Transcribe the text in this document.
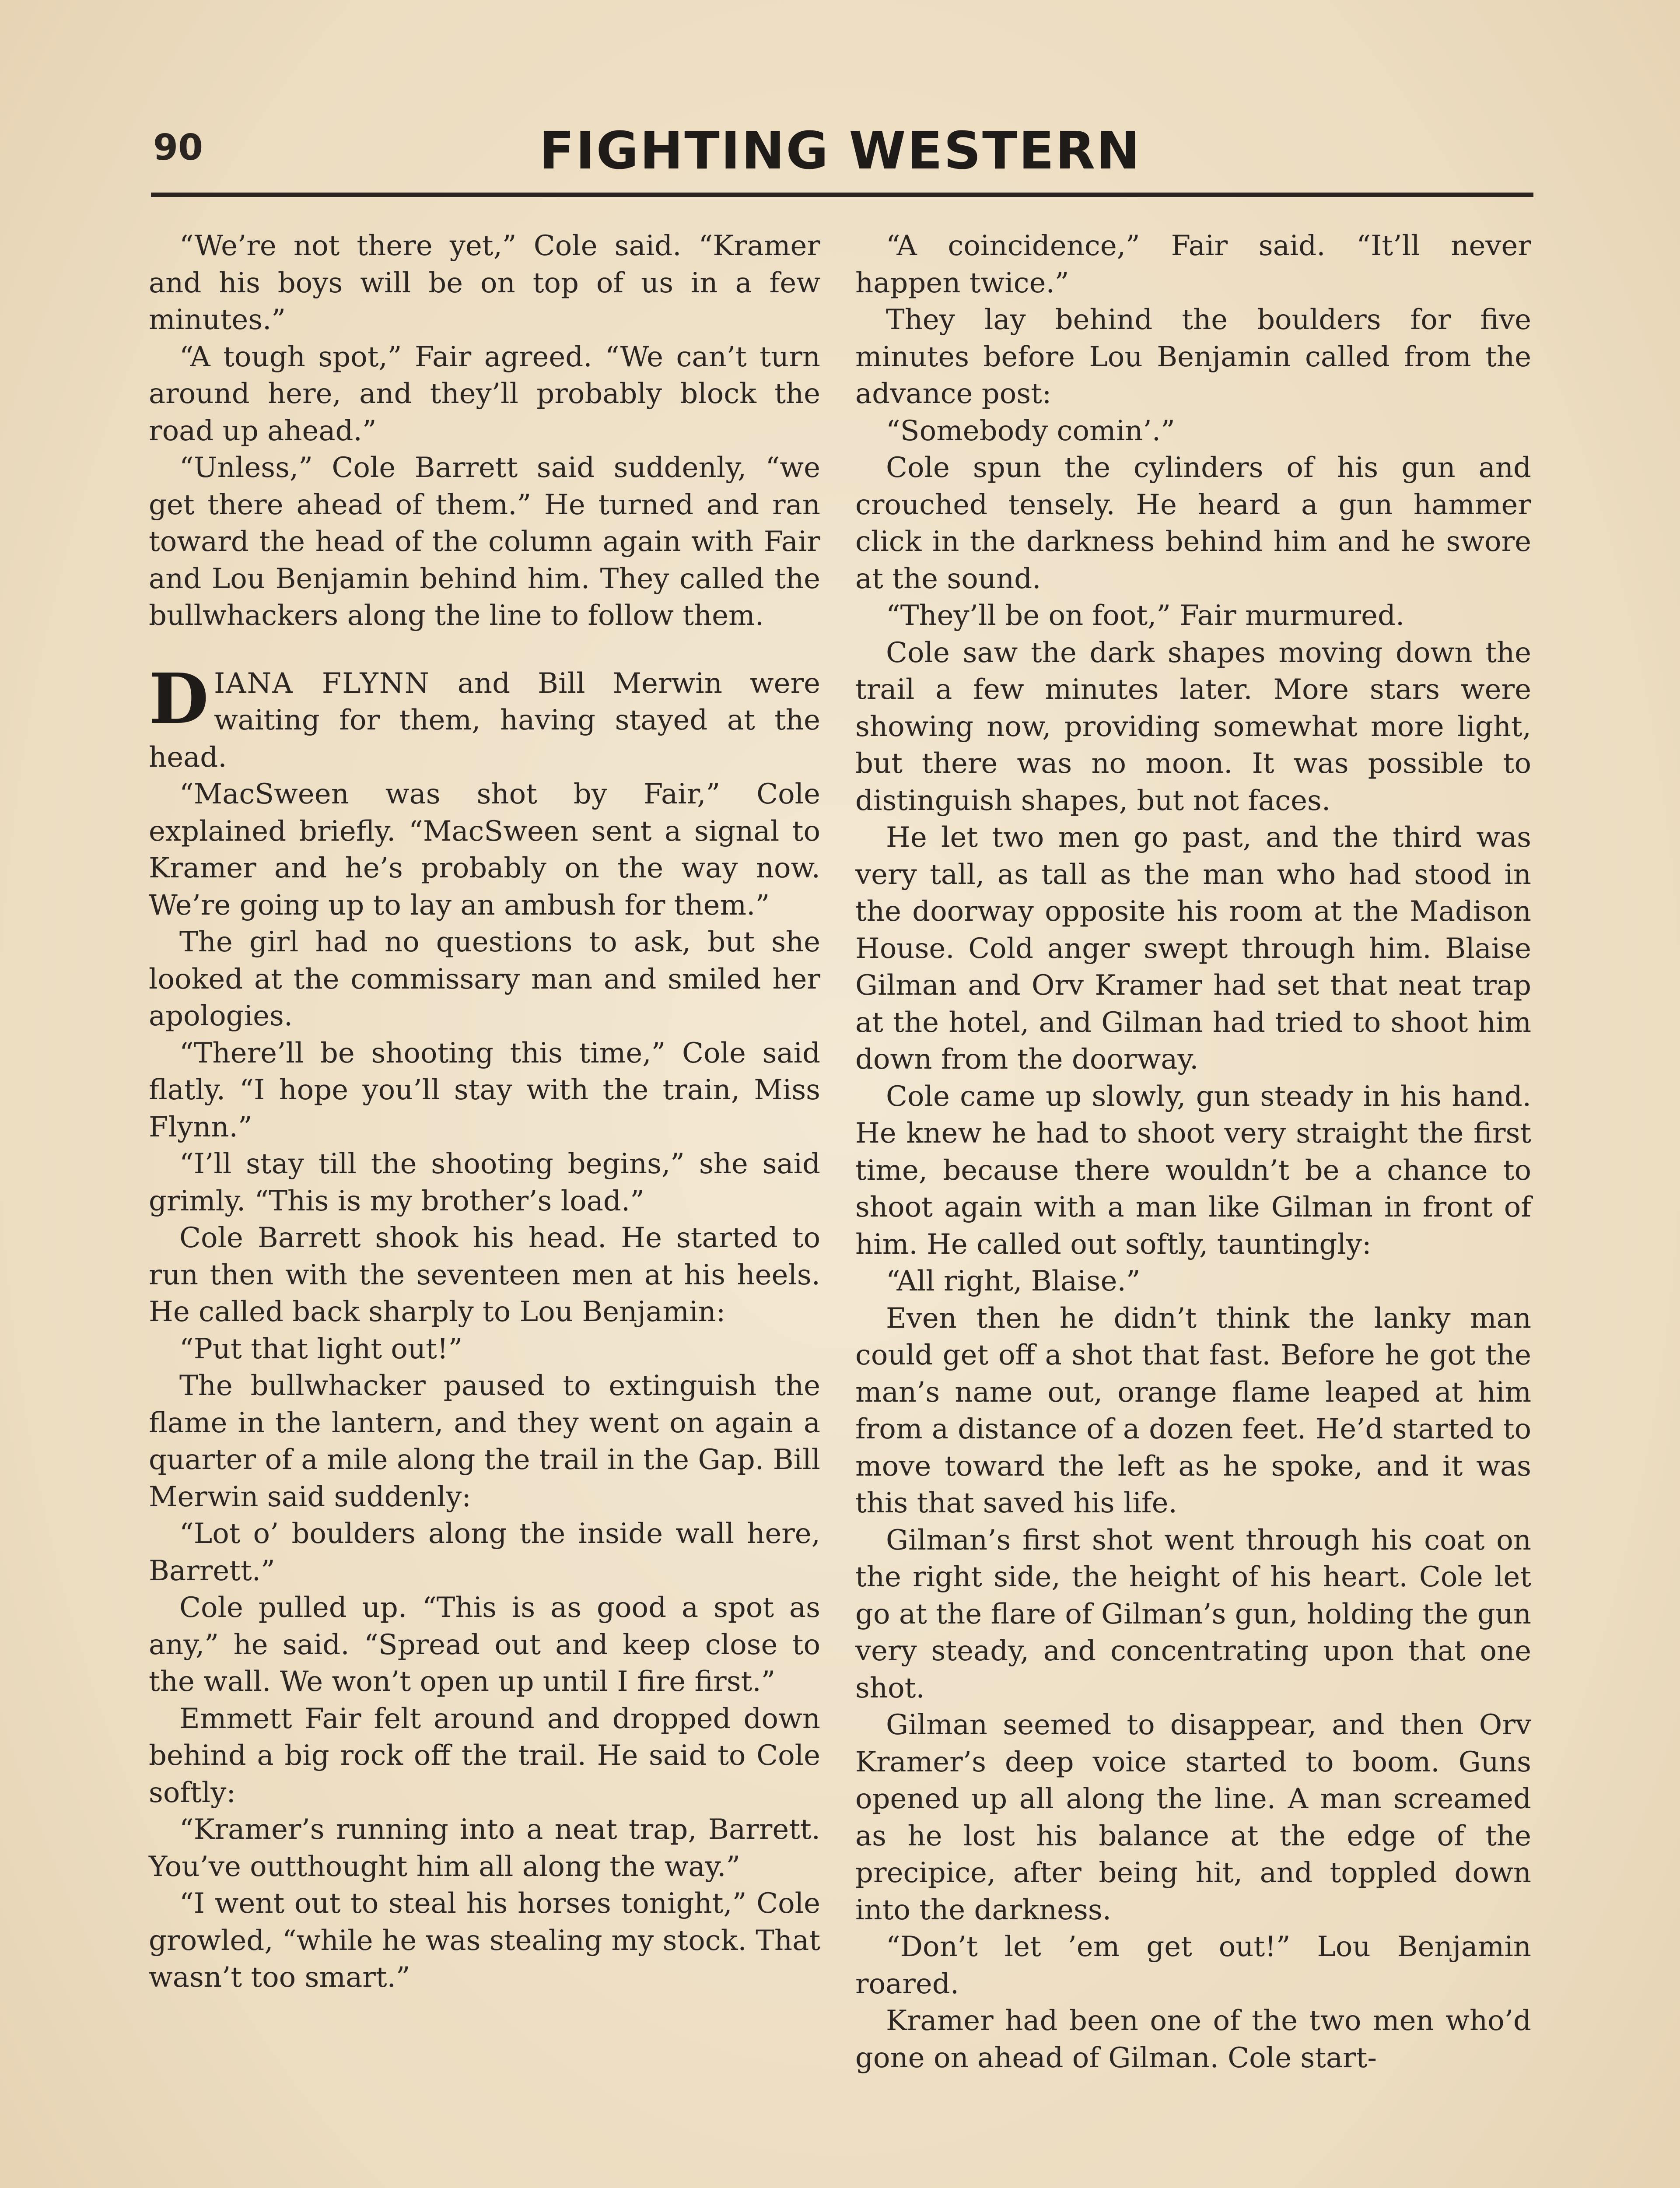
90	FIGHTING WESTERN

“We’re not there yet,” Cole said. “Kramer and his boys will be on top of us in a few minutes.”

“A tough spot,” Fair agreed. “We can’t turn around here, and they’ll probably block the road up ahead.”

“Unless,” Cole Barrett said suddenly, “we get there ahead of them.” He turned and ran toward the head of the column again with Fair and Lou Benjamin behind him. They called the bullwhackers along the line to follow them.

DIANA FLYNN and Bill Merwin were waiting for them, having stayed at the head.

“MacSween was shot by Fair,” Cole explained briefly. “MacSween sent a signal to Kramer and he’s probably on the way now. We’re going up to lay an ambush for them.”

The girl had no questions to ask, but she looked at the commissary man and smiled her apologies.

“There’ll be shooting this time,” Cole said flatly. “I hope you’ll stay with the train, Miss Flynn.”

“I’ll stay till the shooting begins,” she said grimly. “This is my brother’s load.”

Cole Barrett shook his head. He started to run then with the seventeen men at his heels. He called back sharply to Lou Benjamin:

“Put that light out!”

The bullwhacker paused to extinguish the flame in the lantern, and they went on again a quarter of a mile along the trail in the Gap. Bill Merwin said suddenly:

“Lot o’ boulders along the inside wall here, Barrett.”

Cole pulled up. “This is as good a spot as any,” he said. “Spread out and keep close to the wall. We won’t open up until I fire first.”

Emmett Fair felt around and dropped down behind a big rock off the trail. He said to Cole softly:

“Kramer’s running into a neat trap, Barrett. You’ve outthought him all along the way.”

“I went out to steal his horses tonight,” Cole growled, “while he was stealing my stock. That wasn’t too smart.”

“A coincidence,” Fair said. “It’ll never happen twice.”

They lay behind the boulders for five minutes before Lou Benjamin called from the advance post:

“Somebody comin’.”

Cole spun the cylinders of his gun and crouched tensely. He heard a gun hammer click in the darkness behind him and he swore at the sound.

“They’ll be on foot,” Fair murmured.

Cole saw the dark shapes moving down the trail a few minutes later. More stars were showing now, providing somewhat more light, but there was no moon. It was possible to distinguish shapes, but not faces.

He let two men go past, and the third was very tall, as tall as the man who had stood in the doorway opposite his room at the Madison House. Cold anger swept through him. Blaise Gilman and Orv Kramer had set that neat trap at the hotel, and Gilman had tried to shoot him down from the doorway.

Cole came up slowly, gun steady in his hand. He knew he had to shoot very straight the first time, because there wouldn’t be a chance to shoot again with a man like Gilman in front of him. He called out softly, tauntingly:

“All right, Blaise.”

Even then he didn’t think the lanky man could get off a shot that fast. Before he got the man’s name out, orange flame leaped at him from a distance of a dozen feet. He’d started to move toward the left as he spoke, and it was this that saved his life.

Gilman’s first shot went through his coat on the right side, the height of his heart. Cole let go at the flare of Gilman’s gun, holding the gun very steady, and concentrating upon that one shot.

Gilman seemed to disappear, and then Orv Kramer’s deep voice started to boom. Guns opened up all along the line. A man screamed as he lost his balance at the edge of the precipice, after being hit, and toppled down into the darkness.

“Don’t let ’em get out!” Lou Benjamin roared.

Kramer had been one of the two men who’d gone on ahead of Gilman. Cole start-
